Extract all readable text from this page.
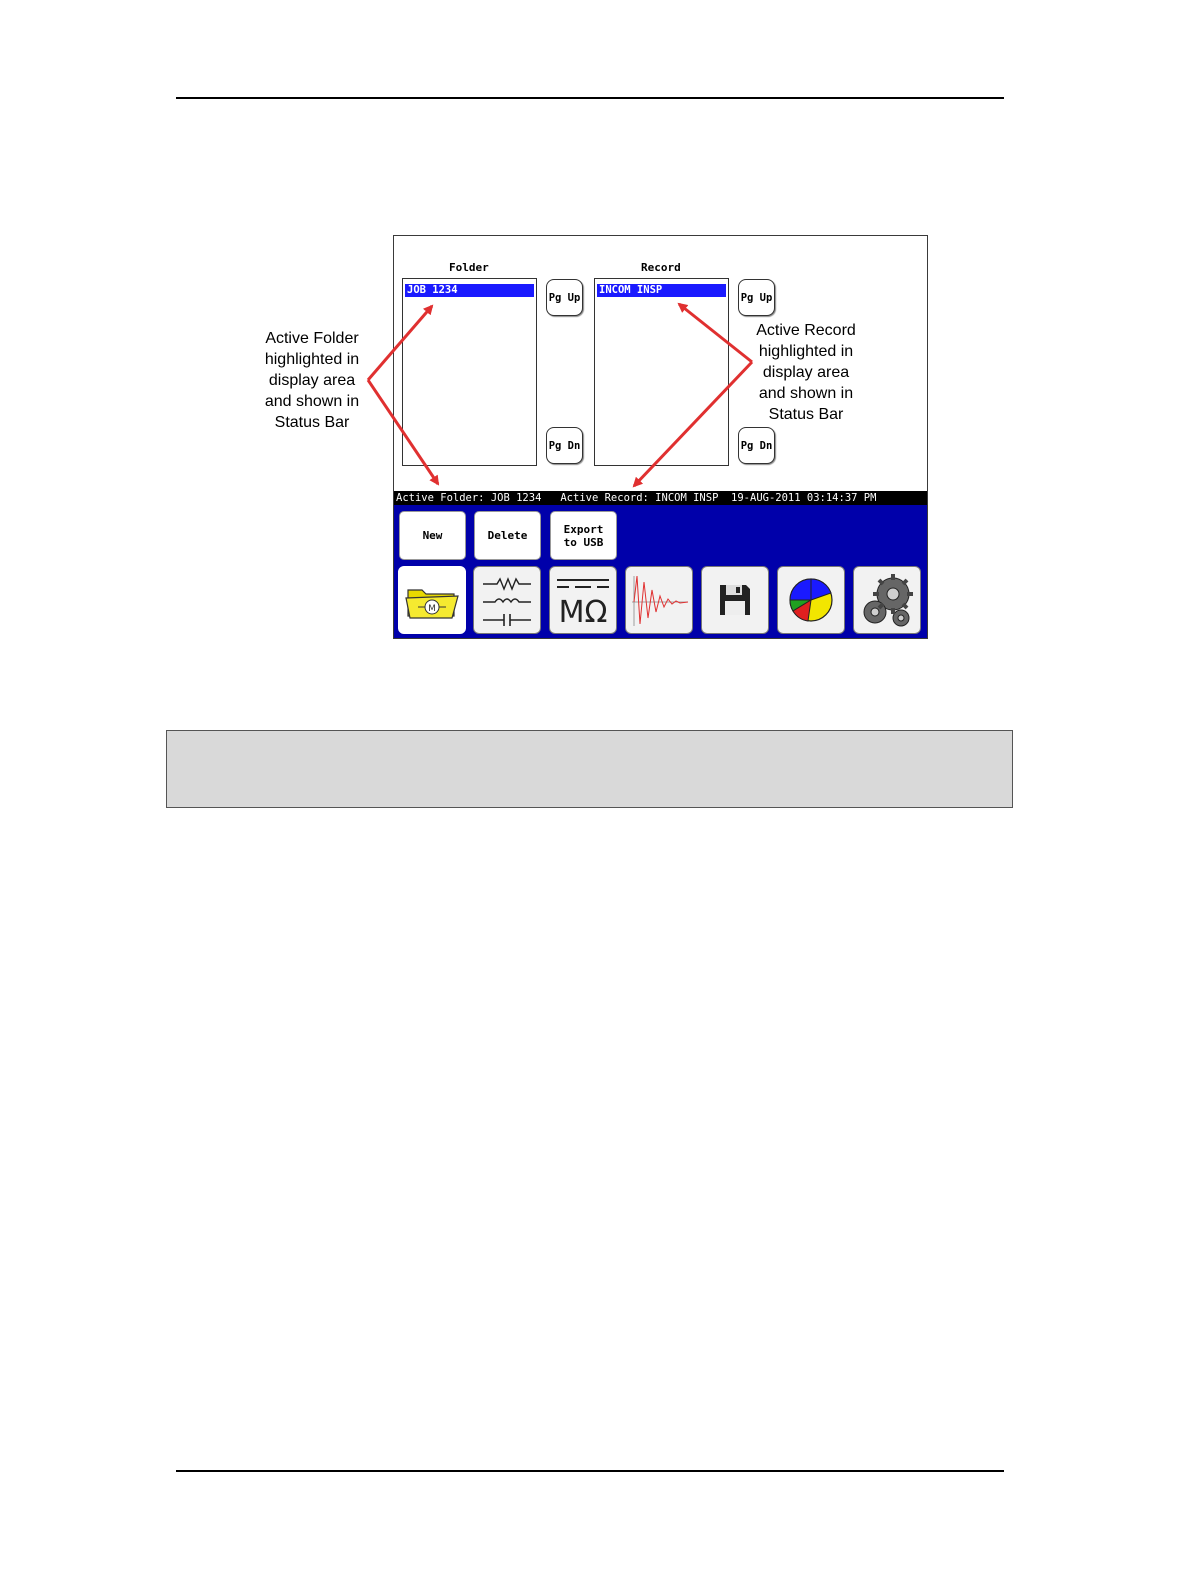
Folder	Record
JOB 1234	INCOM INSP
Pg Up
Pg Dn
Pg Up
Pg Dn
Active Folder: JOB 1234   Active Record: INCOM INSP  19-AUG-2011 03:14:37 PM
New	Delete	Export
to USB
M	MΩ
Active Folder
highlighted in
display area
and shown in
Status Bar
Active Record
highlighted in
display area
and shown in
Status Bar
